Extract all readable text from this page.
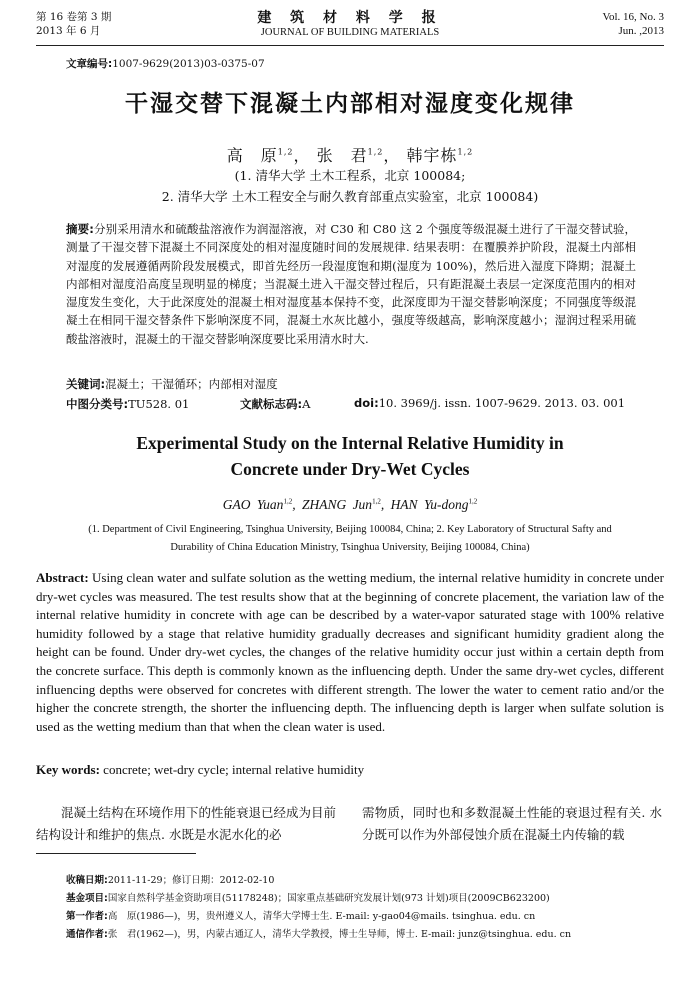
第 16 卷第 3 期
2013 年 6 月
建 筑 材 料 学 报
JOURNAL OF BUILDING MATERIALS
Vol. 16, No. 3
Jun. ,2013
文章编号:1007-9629(2013)03-0375-07
干湿交替下混凝土内部相对湿度变化规律
高　原$^{1,2}$， 张　君$^{1,2}$， 韩宇栋$^{1,2}$
(1. 清华大学 土木工程系，北京 100084;
2. 清华大学 土木工程安全与耐久教育部重点实验室，北京 100084)
摘要:分别采用清水和硫酸盐溶液作为润湿溶液，对 C30 和 C80 这 2 个强度等级混凝土进行了干湿交替试验，测量了干湿交替下混凝土不同深度处的相对湿度随时间的发展规律. 结果表明：在覆膜养护阶段，混凝土内部相对湿度的发展遵循两阶段发展模式，即首先经历一段湿度饱和期(湿度为 100%)，然后进入湿度下降期；混凝土内部相对湿度沿高度呈现明显的梯度；当混凝土进入干湿交替过程后，只有距混凝土表层一定深度范围内的相对湿度发生变化，大于此深度处的混凝土相对湿度基本保持不变，此深度即为干湿交替影响深度；不同强度等级混凝土在相同干湿交替条件下影响深度不同，混凝土水灰比越小，强度等级越高，影响深度越小；湿润过程采用硫酸盐溶液时，混凝土的干湿交替影响深度要比采用清水时大.
关键词:混凝土；干湿循环；内部相对湿度
中图分类号:TU528. 01	文献标志码:A	doi:10. 3969/j. issn. 1007-9629. 2013. 03. 001
Experimental Study on the Internal Relative Humidity in
Concrete under Dry-Wet Cycles
GAO Yuan$^{1,2}$, ZHANG Jun$^{1,2}$, HAN Yu-dong$^{1,2}$
(1. Department of Civil Engineering, Tsinghua University, Beijing 100084, China; 2. Key Laboratory of Structural Safty and Durability of China Education Ministry, Tsinghua University, Beijing 100084, China)
Abstract: Using clean water and sulfate solution as the wetting medium, the internal relative humidity in concrete under dry-wet cycles was measured. The test results show that at the beginning of concrete placement, the variation law of the internal relative humidity in concrete with age can be described by a water-vapor saturated stage with 100% relative humidity followed by a stage that relative humidity gradually decreases and significant humidity gradient along the height can be found. Under dry-wet cycles, the changes of the relative humidity occur just within a certain depth from the concrete surface. This depth is commonly known as the influencing depth. Under the same dry-wet cycles, different influencing depths were observed for concretes with different strength. The lower the water to cement ratio and/or the higher the concrete strength, the shorter the influencing depth. The influencing depth is larger when sulfate solution is used as the wetting medium than that when the clean water is used.
Key words: concrete; wet-dry cycle; internal relative humidity
　　混凝土结构在环境作用下的性能衰退已经成为目前结构设计和维护的焦点. 水既是水泥水化的必
需物质，同时也和多数混凝土性能的衰退过程有关. 水分既可以作为外部侵蚀介质在混凝土内传输的载
收稿日期:2011-11-29；修订日期：2012-02-10
基金项目:国家自然科学基金资助项目(51178248)；国家重点基础研究发展计划(973 计划)项目(2009CB623200)
第一作者:高　原(1986—)，男，贵州遵义人，清华大学博士生. E-mail: y-gao04@mails. tsinghua. edu. cn
通信作者:张　君(1962—)，男，内蒙古通辽人，清华大学教授，博士生导师，博士. E-mail: junz@tsinghua. edu. cn
